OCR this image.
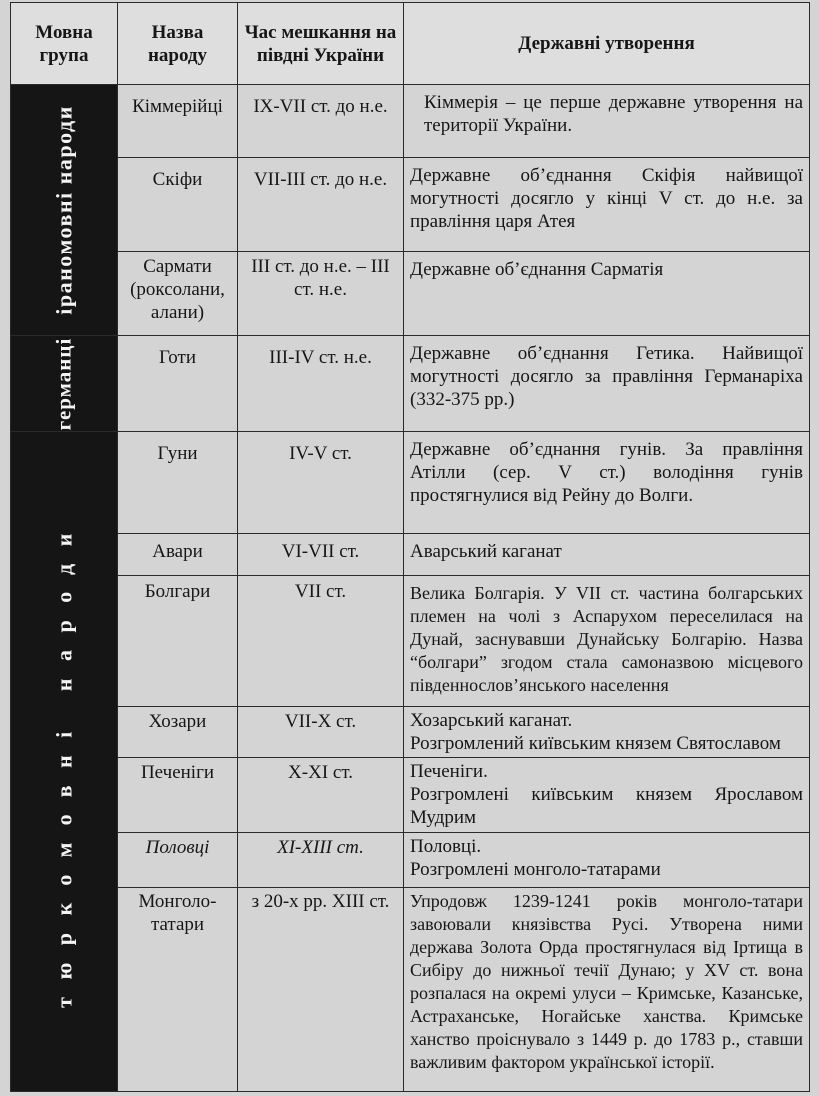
Мовна група	Назва народу	Час мешкання на півдні України	Державні утворення

іраномовні народи	Кіммерійці	IX-VII ст. до н.е.	Кіммерія – це перше державне утворення на території України.

	Скіфи	VII-III ст. до н.е.	Державне об’єднання Скіфія найвищої могутності досягло у кінці V ст. до н.е. за правління царя Атея

	Сармати (роксолани, алани)	III ст. до н.е. – III ст. н.е.	Державне об’єднання Сарматія

германці	Готи	III-IV ст. н.е.	Державне об’єднання Гетика. Найвищої могутності досягло за правління Германаріха (332-375 рр.)

тюркомовні народи	Гуни	IV-V ст.	Державне об’єднання гунів. За правління Атілли (сер. V ст.) володіння гунів простягнулися від Рейну до Волги.

	Авари	VI-VII ст.	Аварський каганат

	Болгари	VII ст.	Велика Болгарія. У VII ст. частина болгарських племен на чолі з Аспарухом переселилася на Дунай, заснувавши Дунайську Болгарію. Назва “болгари” згодом стала самоназвою місцевого південнослов’янського населення

	Хозари	VII-X ст.	Хозарський каганат.
Розгромлений київським князем Святославом

	Печеніги	X-XI ст.	Печеніги.
Розгромлені київським князем Ярославом Мудрим

	Половці	XI-XIII ст.	Половці.
Розгромлені монголо-татарами

	Монголо-татари	з 20-х рр. XIII ст.	Упродовж 1239-1241 років монголо-татари завоювали князівства Русі. Утворена ними держава Золота Орда простягнулася від Іртища в Сибіру до нижньої течії Дунаю; у XV ст. вона розпалася на окремі улуси – Кримське, Казанське, Астраханське, Ногайське ханства. Кримське ханство проіснувало з 1449 р. до 1783 р., ставши важливим фактором української історії.
